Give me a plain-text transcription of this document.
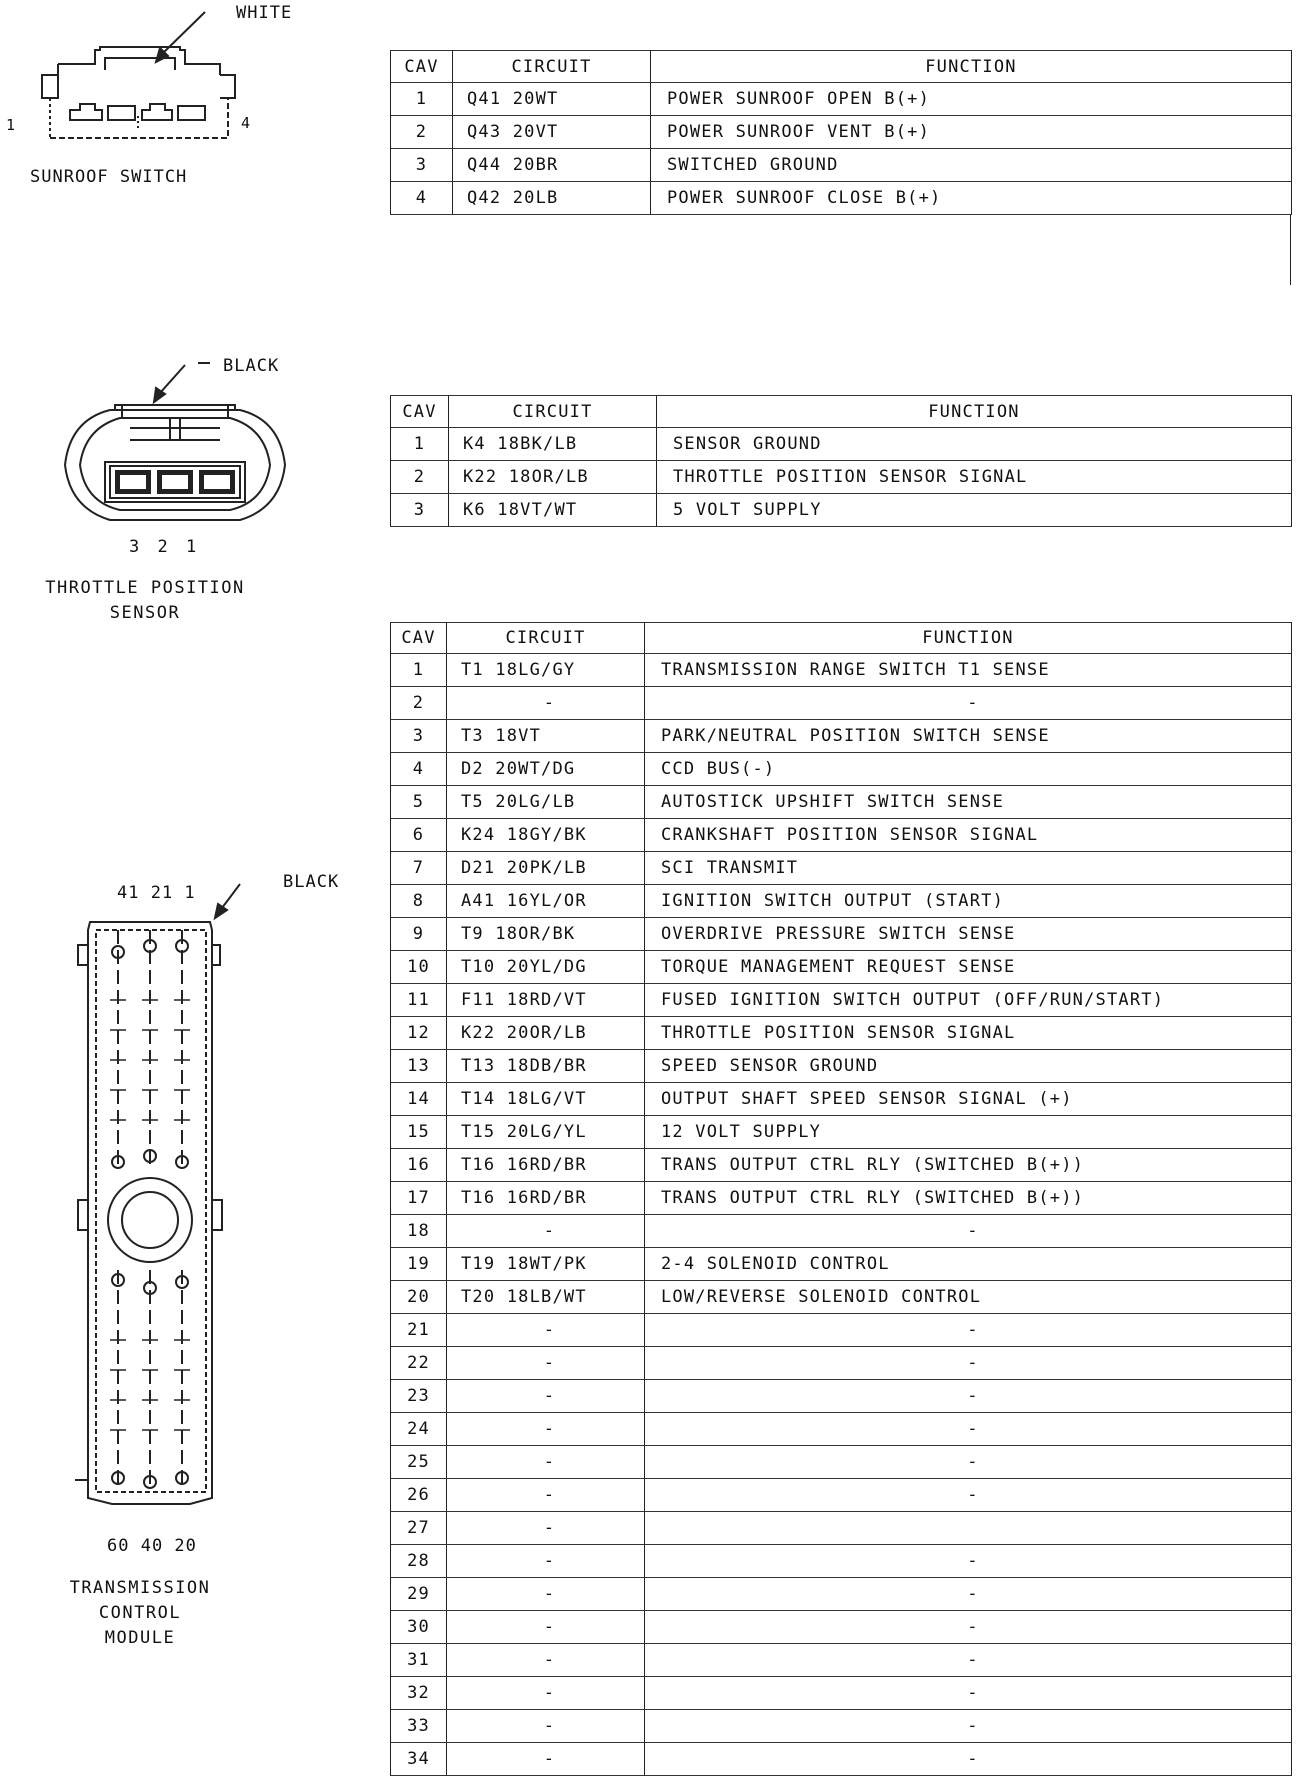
WHITE
1	4
SUNROOF SWITCH
CAV	CIRCUIT	FUNCTION
1	Q41 20WT	POWER SUNROOF OPEN B(+)
2	Q43 20VT	POWER SUNROOF VENT B(+)
3	Q44 20BR	SWITCHED GROUND
4	Q42 20LB	POWER SUNROOF CLOSE B(+)
BLACK
3 2 1
THROTTLE POSITION
SENSOR
CAV	CIRCUIT	FUNCTION
1	K4 18BK/LB	SENSOR GROUND
2	K22 18OR/LB	THROTTLE POSITION SENSOR SIGNAL
3	K6 18VT/WT	5 VOLT SUPPLY
41 21 1
BLACK
60 40 20
TRANSMISSION
CONTROL
MODULE
CAV	CIRCUIT	FUNCTION
1	T1 18LG/GY	TRANSMISSION RANGE SWITCH T1 SENSE
2	-	-
3	T3 18VT	PARK/NEUTRAL POSITION SWITCH SENSE
4	D2 20WT/DG	CCD BUS(-)
5	T5 20LG/LB	AUTOSTICK UPSHIFT SWITCH SENSE
6	K24 18GY/BK	CRANKSHAFT POSITION SENSOR SIGNAL
7	D21 20PK/LB	SCI TRANSMIT
8	A41 16YL/OR	IGNITION SWITCH OUTPUT (START)
9	T9 18OR/BK	OVERDRIVE PRESSURE SWITCH SENSE
10	T10 20YL/DG	TORQUE MANAGEMENT REQUEST SENSE
11	F11 18RD/VT	FUSED IGNITION SWITCH OUTPUT (OFF/RUN/START)
12	K22 20OR/LB	THROTTLE POSITION SENSOR SIGNAL
13	T13 18DB/BR	SPEED SENSOR GROUND
14	T14 18LG/VT	OUTPUT SHAFT SPEED SENSOR SIGNAL (+)
15	T15 20LG/YL	12 VOLT SUPPLY
16	T16 16RD/BR	TRANS OUTPUT CTRL RLY (SWITCHED B(+))
17	T16 16RD/BR	TRANS OUTPUT CTRL RLY (SWITCHED B(+))
18	-	-
19	T19 18WT/PK	2-4 SOLENOID CONTROL
20	T20 18LB/WT	LOW/REVERSE SOLENOID CONTROL
21	-	-
22	-	-
23	-	-
24	-	-
25	-	-
26	-	-
27	-	
28	-	-
29	-	-
30	-	-
31	-	-
32	-	-
33	-	-
34	-	-
